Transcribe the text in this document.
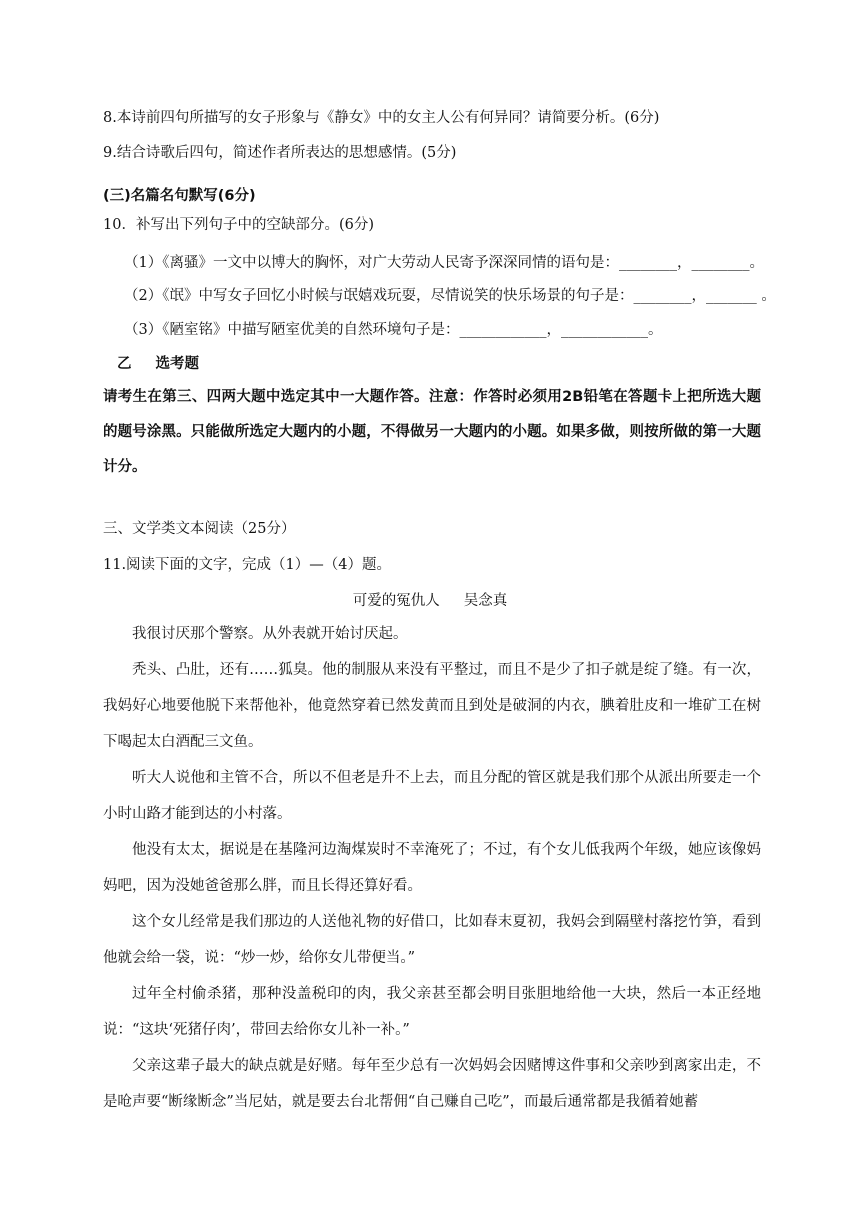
8.本诗前四句所描写的女子形象与《静女》中的女主人公有何异同？请简要分析。(6分)
9.结合诗歌后四句，简述作者所表达的思想感情。(5分)
(三)名篇名句默写(6分)
10．补写出下列句子中的空缺部分。(6分)
（1）《离骚》一文中以博大的胸怀，对广大劳动人民寄予深深同情的语句是：________，________。
（2）《氓》中写女子回忆小时候与氓嬉戏玩耍，尽情说笑的快乐场景的句子是：________，_______ 。
（3）《陋室铭》中描写陋室优美的自然环境句子是：____________，____________。
乙 选考题
请考生在第三、四两大题中选定其中一大题作答。注意：作答时必须用2B铅笔在答题卡上把所选大题的题号涂黑。只能做所选定大题内的小题，不得做另一大题内的小题。如果多做，则按所做的第一大题计分。
三、文学类文本阅读（25分）
11.阅读下面的文字，完成（1）—（4）题。
可爱的冤仇人 吴念真
我很讨厌那个警察。从外表就开始讨厌起。
秃头、凸肚，还有……狐臭。他的制服从来没有平整过，而且不是少了扣子就是绽了缝。有一次，我妈好心地要他脱下来帮他补，他竟然穿着已然发黄而且到处是破洞的内衣，腆着肚皮和一堆矿工在树下喝起太白酒配三文鱼。
听大人说他和主管不合，所以不但老是升不上去，而且分配的管区就是我们那个从派出所要走一个小时山路才能到达的小村落。
他没有太太，据说是在基隆河边淘煤炭时不幸淹死了；不过，有个女儿低我两个年级，她应该像妈妈吧，因为没她爸爸那么胖，而且长得还算好看。
这个女儿经常是我们那边的人送他礼物的好借口，比如春末夏初，我妈会到隔壁村落挖竹笋，看到他就会给一袋，说：“炒一炒，给你女儿带便当。”
过年全村偷杀猪，那种没盖税印的肉，我父亲甚至都会明目张胆地给他一大块，然后一本正经地说：“这块‘死猪仔肉’，带回去给你女儿补一补。”
父亲这辈子最大的缺点就是好赌。每年至少总有一次妈妈会因赌博这件事和父亲吵到离家出走，不是呛声要“断缘断念”当尼姑，就是要去台北帮佣“自己赚自己吃”，而最后通常都是我循着她蓄
